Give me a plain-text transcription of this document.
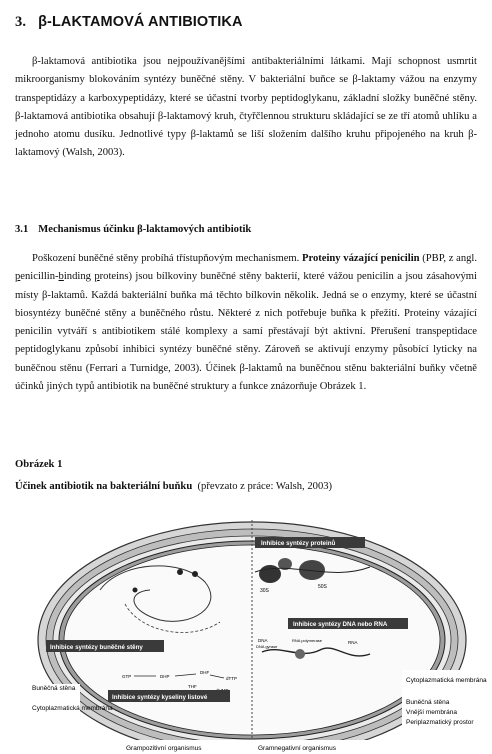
3. β-LAKTAMOVÁ ANTIBIOTIKA

β-laktamová antibiotika jsou nejpoužívanějšími antibakteriálními látkami. Mají schopnost usmrtit mikroorganismy blokováním syntézy buněčné stěny. V bakteriální buňce se β-laktamy vážou na enzymy transpeptidázy a karboxypeptidázy, které se účastní tvorby peptidoglykanu, základní složky buněčné stěny. β-laktamová antibiotika obsahují β-laktamový kruh, čtyřčlennou strukturu skládající se ze tří atomů uhlíku a jednoho atomu dusíku. Jednotlivé typy β-laktamů se liší složením dalšího kruhu připojeného na kruh β-laktamový (Walsh, 2003).

3.1 Mechanismus účinku β-laktamových antibiotik

Poškození buněčné stěny probíhá třístupňovým mechanismem. Proteiny vázající penicilin (PBP, z angl. penicillin-binding proteins) jsou bílkoviny buněčné stěny bakterií, které vážou penicilin a jsou zásahovými místy β-laktamů. Každá bakteriální buňka má těchto bílkovin několik. Jedná se o enzymy, které se účastní biosyntézy buněčné stěny a buněčného růstu. Některé z nich potřebuje buňka k přežití. Proteiny vázající penicilin vytváří s antibiotikem stálé komplexy a samí přestávají být aktivní. Přerušení transpeptidace peptidoglykanu způsobí inhibici syntézy buněčné stěny. Zároveň se aktivují enzymy působící lyticky na buněčnou stěnu (Ferrari a Turnidge, 2003). Účinek β-laktamů na buněčnou stěnu bakteriální buňky včetně účinků jiných typů antibiotik na buněčné struktury a funkce znázorňuje Obrázek 1.

Obrázek 1

Účinek antibiotik na bakteriální buňku (převzato z práce: Walsh, 2003)

30S
50S
DNA
DNA gyrase
RNA polymerase	RNA
GTP	DHP
DHF
THF
dTTP
Inhibice syntézy proteinů
Inhibice syntézy buněčné stěny
Inhibice syntézy DNA nebo RNA
Inhibice syntézy kyseliny listové
Buněčná stěna
Cytoplazmatická membrána
Cytoplazmatická membrána
Buněčná stěna
Vnější membrána
Periplazmatický prostor
Grampozitivní organismus	Gramnegativní organismus
